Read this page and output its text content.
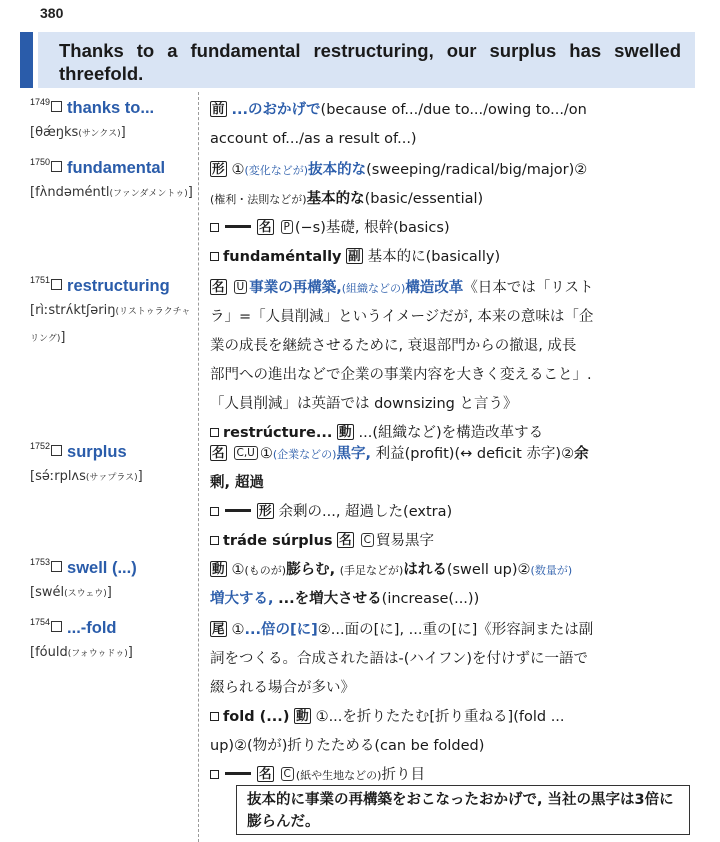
380
Thanks to a fundamental restructuring, our surplus has swelled threefold.
$^{1749}$ thanks to...
[θǽŋks(サンクス)]
前 ...のおかげで(because of.../due to.../owing to.../on
account of.../as a result of...)
$^{1750}$ fundamental
[fʌ̀ndəméntl(ファンダメントゥ)]
形 ①(変化などが)抜本的な(sweeping/radical/big/major)②
(権利・法則などが)基本的な(basic/essential)
名 P (−s)基礎, 根幹(basics)
fundaméntally 副 基本的に(basically)
$^{1751}$ restructuring
[rìːstrʌ́ktʃəriŋ(リストゥラクチャ
リング)]
名 U 事業の再構築,(組織などの)構造改革《日本では「リスト
ラ」=「人員削減」というイメージだが, 本来の意味は「企
業の成長を継続させるために, 衰退部門からの撤退, 成長
部門への進出などで企業の事業内容を大きく変えること」.
「人員削減」は英語では downsizing と言う》
restrúcture... 動 ...(組織など)を構造改革する
$^{1752}$ surplus
[sə́ːrplʌs(サァプラス)]
名 C,U ①(企業などの)黒字, 利益(profit)(↔ deficit 赤字)②余
剰, 超過
形 余剰の..., 超過した(extra)
tráde súrplus 名 C 貿易黒字
$^{1753}$ swell (...)
[swél(スウェウ)]
動 ①(ものが)膨らむ, (手足などが)はれる(swell up)②(数量が)
増大する, ...を増大させる(increase(...))
$^{1754}$ ...-fold
[fóuld(フォウゥドゥ)]
尾 ①...倍の[に]②...面の[に], ...重の[に]《形容詞または副
詞をつくる。合成された語は-(ハイフン)を付けずに一語で
綴られる場合が多い》
fold (...) 動 ①...を折りたたむ[折り重ねる](fold ...
up)②(物が)折りたためる(can be folded)
名 C (紙や生地などの)折り目
抜本的に事業の再構築をおこなったおかげで, 当社の黒字は3倍に膨らんだ。
